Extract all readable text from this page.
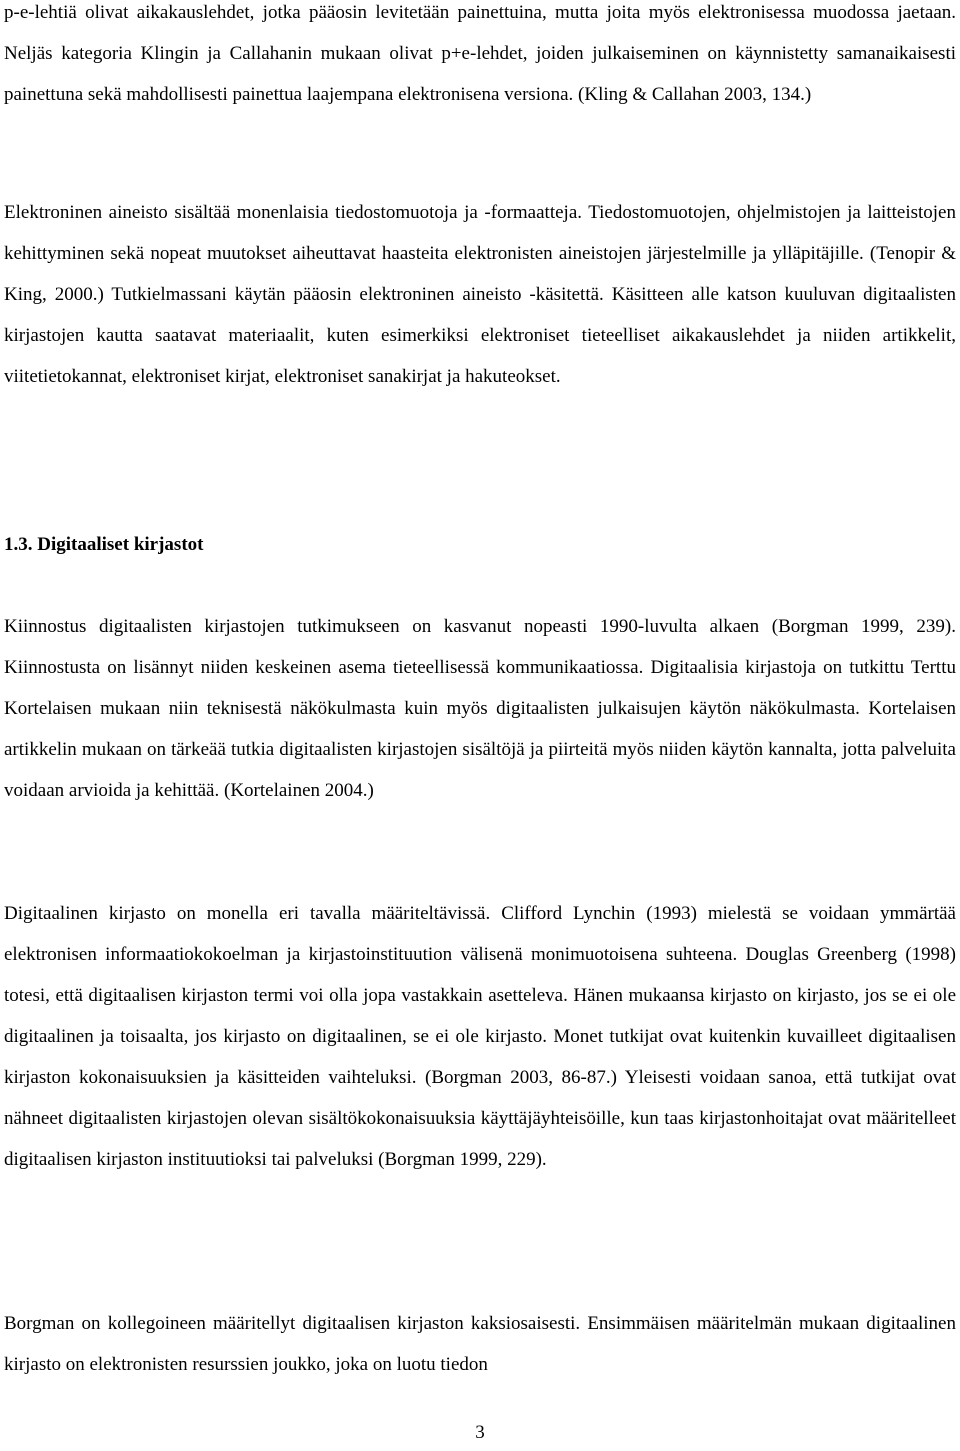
p-e-lehtiä olivat aikakauslehdet, jotka pääosin levitetään painettuina, mutta joita myös elektronisessa muodossa jaetaan. Neljäs kategoria Klingin ja Callahanin mukaan olivat p+e-lehdet, joiden julkaiseminen on käynnistetty samanaikaisesti painettuna sekä mahdollisesti painettua laajempana elektronisena versiona. (Kling & Callahan 2003, 134.)

Elektroninen aineisto sisältää monenlaisia tiedostomuotoja ja -formaatteja. Tiedostomuotojen, ohjelmistojen ja laitteistojen kehittyminen sekä nopeat muutokset aiheuttavat haasteita elektronisten aineistojen järjestelmille ja ylläpitäjille. (Tenopir & King, 2000.) Tutkielmassani käytän pääosin elektroninen aineisto -käsitettä. Käsitteen alle katson kuuluvan digitaalisten kirjastojen kautta saatavat materiaalit, kuten esimerkiksi elektroniset tieteelliset aikakauslehdet ja niiden artikkelit, viitetietokannat, elektroniset kirjat, elektroniset sanakirjat ja hakuteokset.

1.3. Digitaaliset kirjastot

Kiinnostus digitaalisten kirjastojen tutkimukseen on kasvanut nopeasti 1990-luvulta alkaen (Borgman 1999, 239). Kiinnostusta on lisännyt niiden keskeinen asema tieteellisessä kommunikaatiossa. Digitaalisia kirjastoja on tutkittu Terttu Kortelaisen mukaan niin teknisestä näkökulmasta kuin myös digitaalisten julkaisujen käytön näkökulmasta. Kortelaisen artikkelin mukaan on tärkeää tutkia digitaalisten kirjastojen sisältöjä ja piirteitä myös niiden käytön kannalta, jotta palveluita voidaan arvioida ja kehittää. (Kortelainen 2004.)

Digitaalinen kirjasto on monella eri tavalla määriteltävissä. Clifford Lynchin (1993) mielestä se voidaan ymmärtää elektronisen informaatiokokoelman ja kirjastoinstituution välisenä monimuotoisena suhteena. Douglas Greenberg (1998) totesi, että digitaalisen kirjaston termi voi olla jopa vastakkain asetteleva. Hänen mukaansa kirjasto on kirjasto, jos se ei ole digitaalinen ja toisaalta, jos kirjasto on digitaalinen, se ei ole kirjasto. Monet tutkijat ovat kuitenkin kuvailleet digitaalisen kirjaston kokonaisuuksien ja käsitteiden vaihteluksi. (Borgman 2003, 86-87.) Yleisesti voidaan sanoa, että tutkijat ovat nähneet digitaalisten kirjastojen olevan sisältökokonaisuuksia käyttäjäyhteisöille, kun taas kirjastonhoitajat ovat määritelleet digitaalisen kirjaston instituutioksi tai palveluksi (Borgman 1999, 229).

Borgman on kollegoineen määritellyt digitaalisen kirjaston kaksiosaisesti. Ensimmäisen määritelmän mukaan digitaalinen kirjasto on elektronisten resurssien joukko, joka on luotu tiedon

3
